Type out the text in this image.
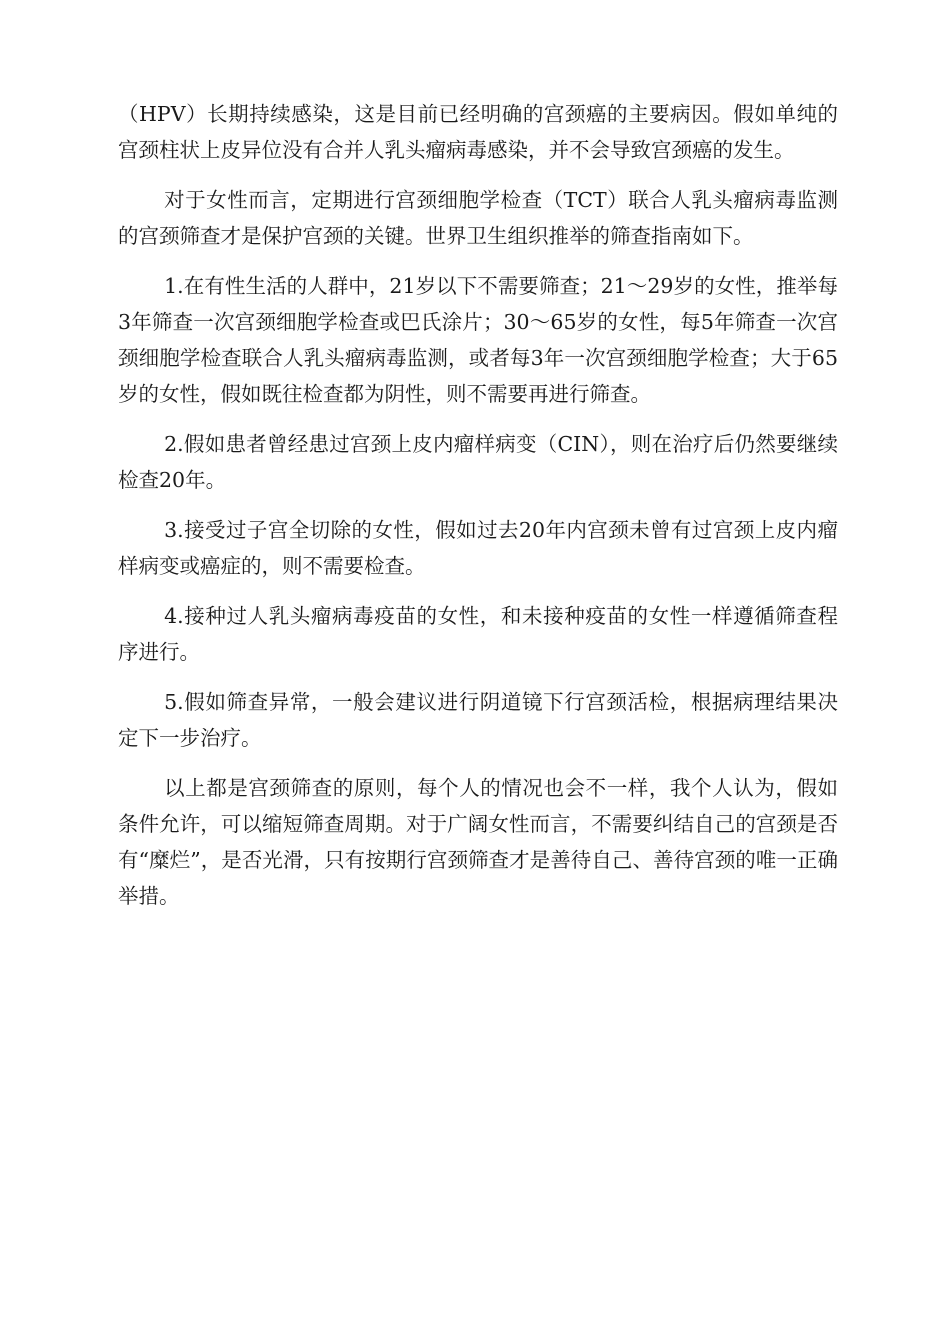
（HPV）长期持续感染，这是目前已经明确的宫颈癌的主要病因。假如单纯的宫颈柱状上皮异位没有合并人乳头瘤病毒感染，并不会导致宫颈癌的发生。

对于女性而言，定期进行宫颈细胞学检查（TCT）联合人乳头瘤病毒监测的宫颈筛查才是保护宫颈的关键。世界卫生组织推举的筛查指南如下。

1.在有性生活的人群中，21岁以下不需要筛查；21～29岁的女性，推举每3年筛查一次宫颈细胞学检查或巴氏涂片；30～65岁的女性，每5年筛查一次宫颈细胞学检查联合人乳头瘤病毒监测，或者每3年一次宫颈细胞学检查；大于65岁的女性，假如既往检查都为阴性，则不需要再进行筛查。

2.假如患者曾经患过宫颈上皮内瘤样病变（CIN），则在治疗后仍然要继续检查20年。

3.接受过子宫全切除的女性，假如过去20年内宫颈未曾有过宫颈上皮内瘤样病变或癌症的，则不需要检查。

4.接种过人乳头瘤病毒疫苗的女性，和未接种疫苗的女性一样遵循筛查程序进行。

5.假如筛查异常，一般会建议进行阴道镜下行宫颈活检，根据病理结果决定下一步治疗。

以上都是宫颈筛查的原则，每个人的情况也会不一样，我个人认为，假如条件允许，可以缩短筛查周期。对于广阔女性而言，不需要纠结自己的宫颈是否有“糜烂”，是否光滑，只有按期行宫颈筛查才是善待自己、善待宫颈的唯一正确举措。
